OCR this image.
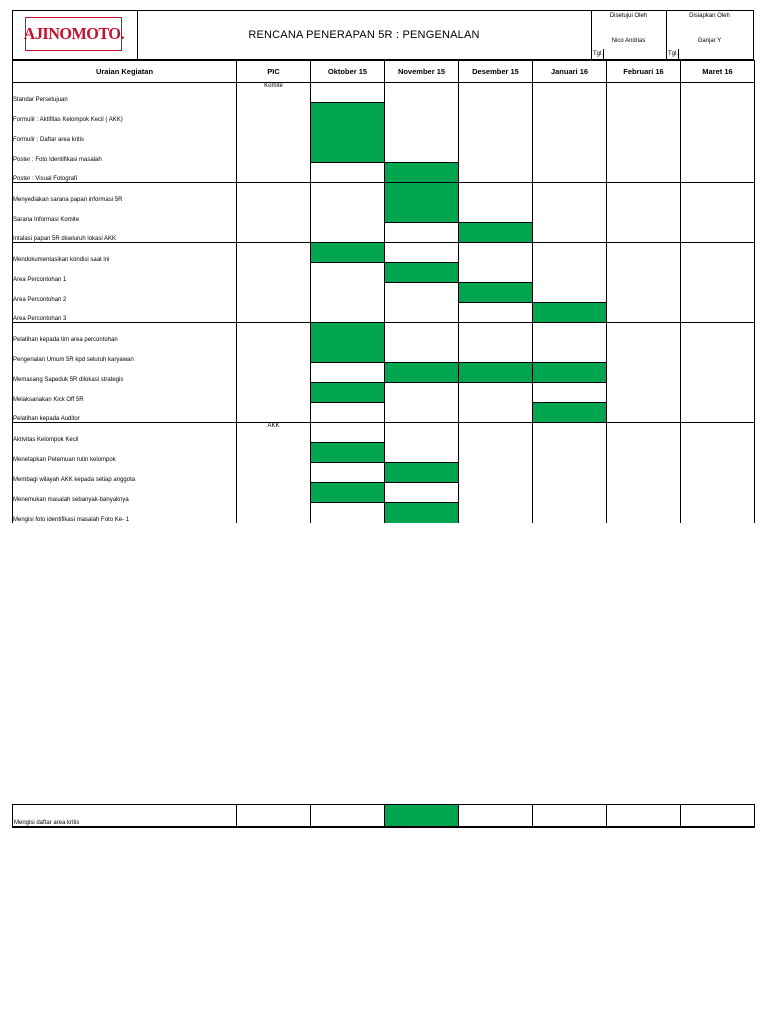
AJINOMOTO.	RENCANA PENERAPAN 5R : PENGENALAN
Disetujui Oleh
Nico Andrias
Tgl.
Disiapkan Oleh
Ganjar Y
Tgl.
Uraian Kegiatan	PIC	Oktober 15	November 15	Desember 15	Januari 16	Februari 16	Maret 16
Standar Persetujuan	Komite						
Formulir : Aktifitas Kelompok Kecil ( AKK)							
Formulir : Daftar area kritis							
Poster ; Foto Identifikasi masalah							
Poster : Visual Fotografi							
Menyediakan sarana papan informasi 5R							
Sarana Informasi Komite							
Intalasi papan 5R diseluruh lokasi AKK							
Mendokumentasikan kondisi saat ini							
Area Percontohan 1							
Area Percontohan 2							
Area Percontohan 3							
Pelatihan kepada tim area percontohan							
Pengenalan Umum 5R kpd seluruh karyawan							
Memasang Sapeduk 5R dilokasi strategis							
Melaksanakan Kick Off 5R							
Pelatihan kepada Auditor							
Aktivitas Kelompok Kecil	AKK						
Menetapkan Petemuan rutin kelompok							
Membagi wilayah AKK kepada setiap anggota							
Menemukan masalah sebanyak-banyaknya							
Mengisi foto identifikasi masalah Foto Ke- 1							
Mengisi daftar area kritis							
